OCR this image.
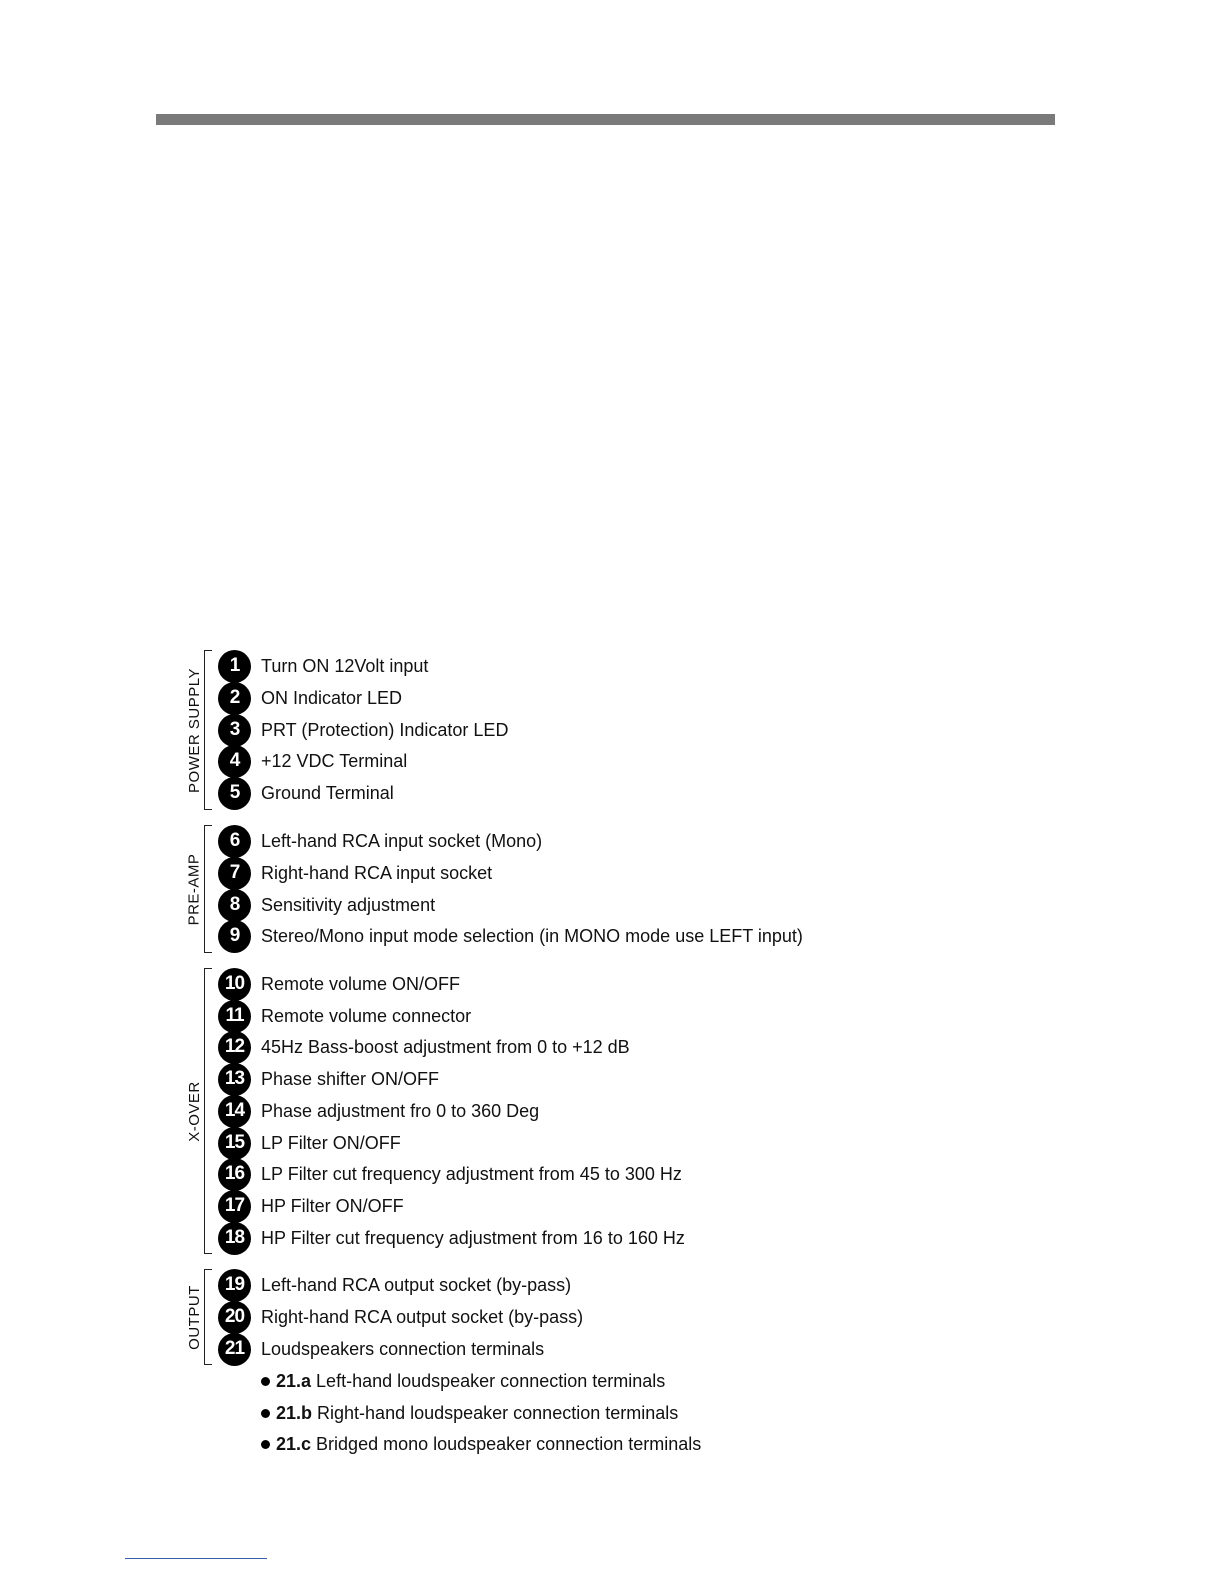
POWER SUPPLY
1	Turn ON 12Volt input
2	ON Indicator LED
3	PRT (Protection) Indicator LED
4	+12 VDC Terminal
5	Ground Terminal
PRE-AMP
6	Left-hand RCA input socket (Mono)
7	Right-hand RCA input socket
8	Sensitivity adjustment
9	Stereo/Mono input mode selection (in MONO mode use LEFT input)
X-OVER
10 Remote volume ON/OFF
11 Remote volume connector
12 45Hz Bass-boost adjustment from 0 to +12 dB
13 Phase shifter ON/OFF
14 Phase adjustment fro 0 to 360 Deg
15 LP Filter ON/OFF
16 LP Filter cut frequency adjustment from 45 to 300 Hz
17 HP Filter ON/OFF
18 HP Filter cut frequency adjustment from 16 to 160 Hz
OUTPUT
19 Left-hand RCA output socket (by-pass)
20 Right-hand RCA output socket (by-pass)
21 Loudspeakers connection terminals
21.a Left-hand loudspeaker connection terminals
21.b Right-hand loudspeaker connection terminals
21.c Bridged mono loudspeaker connection terminals
